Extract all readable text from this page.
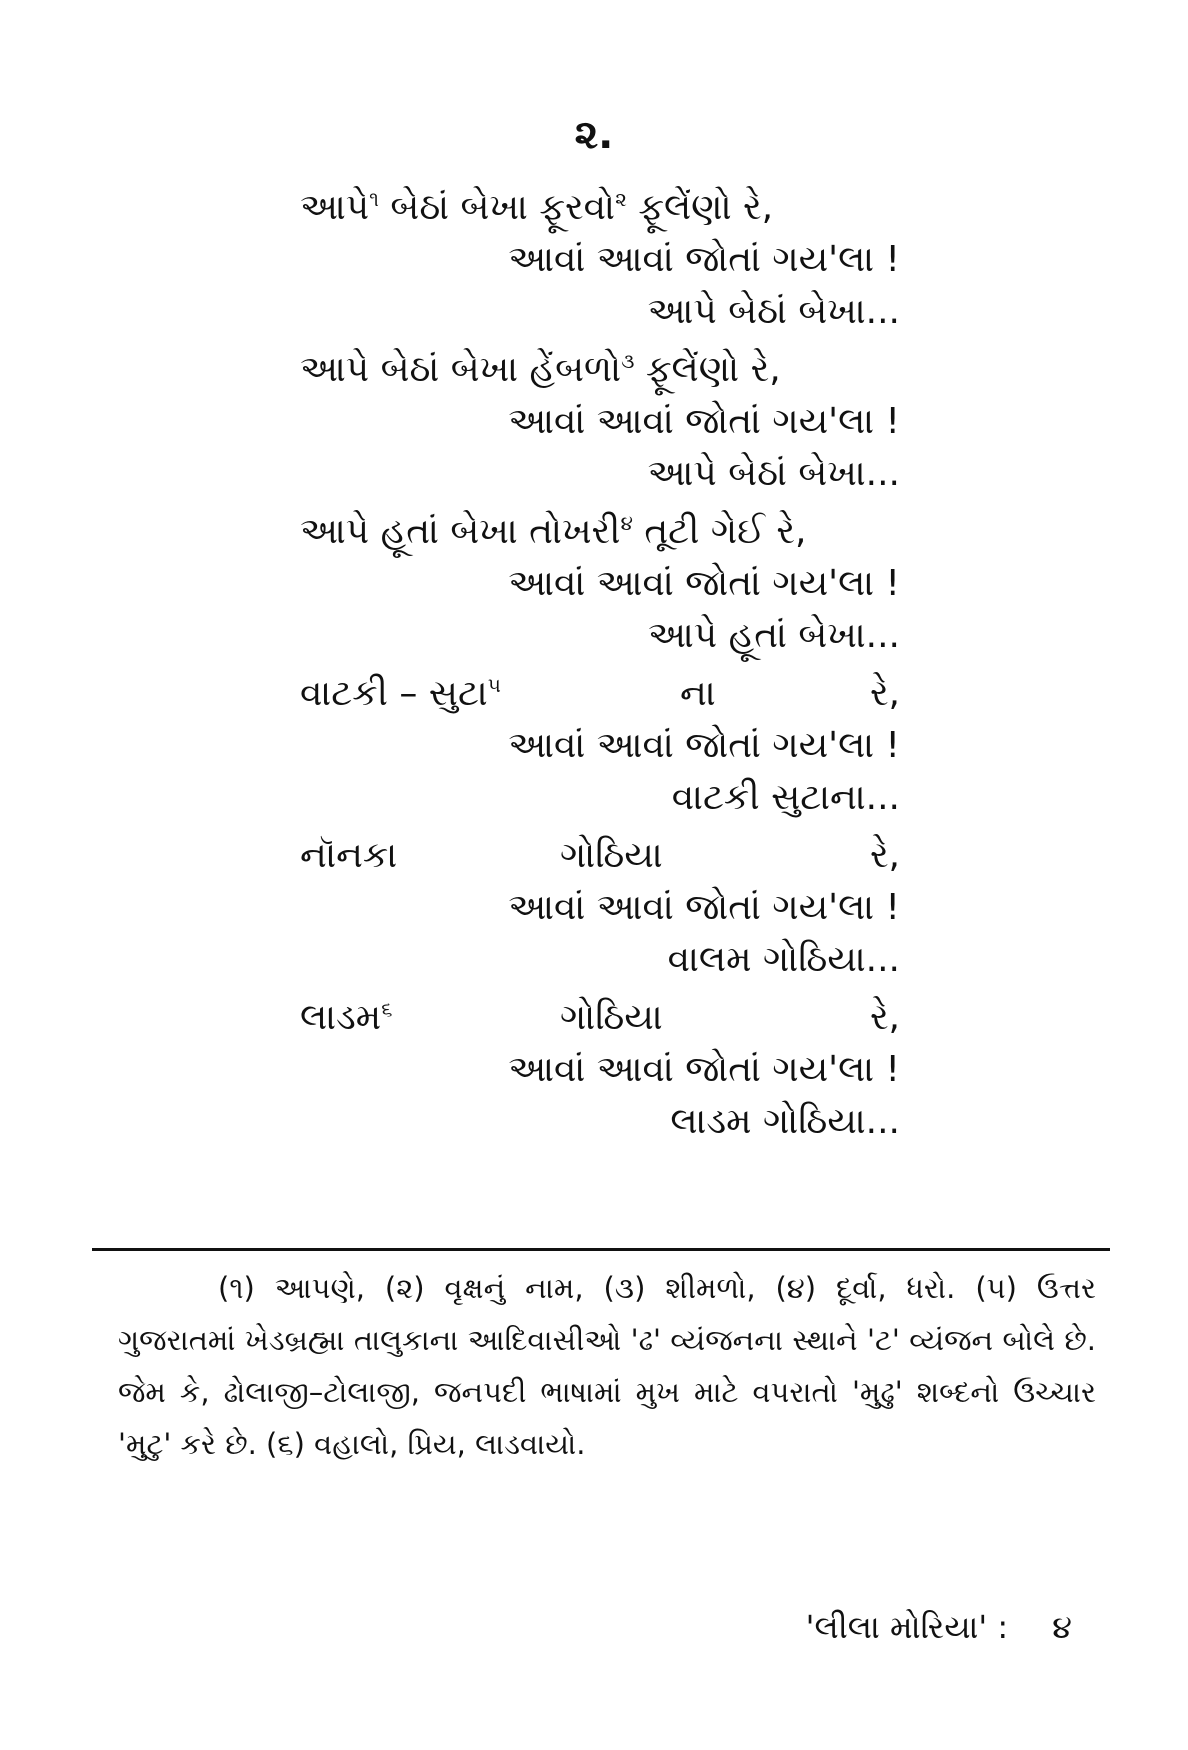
૨.
આપે$^૧$ બેઠાં બેખા ફૂરવો$^૨$ ફૂલેંણો રે,
આવાં આવાં જોતાં ગય'લા !
આપે બેઠાં બેખા...
આપે બેઠાં બેખા હેંબળો$^૩$ ફૂલેંણો રે,
આવાં આવાં જોતાં ગય'લા !
આપે બેઠાં બેખા...
આપે હૂતાં બેખા તોખરી$^૪$ તૂટી ગેઈ રે,
આવાં આવાં જોતાં ગય'લા !
આપે હૂતાં બેખા...
વાટકી – સુટા$^૫$	ના	રે,
આવાં આવાં જોતાં ગય'લા !
વાટકી સુટાના...
નૉનકા	ગોઠિયા	રે,
આવાં આવાં જોતાં ગય'લા !
વાલમ ગોઠિયા...
લાડમ$^૬$	ગોઠિયા	રે,
આવાં આવાં જોતાં ગય'લા !
લાડમ ગોઠિયા...
(૧) આપણે, (૨) વૃક્ષનું નામ, (૩) શીમળો, (૪) દૂર્વા, ધરો. (૫) ઉત્તર ગુજરાતમાં ખેડબ્રહ્મા તાલુકાના આદિવાસીઓ 'ઢ' વ્યંજનના સ્થાને 'ટ' વ્યંજન બોલે છે. જેમ કે, ઢોલાજી–ટોલાજી, જનપદી ભાષામાં મુખ માટે વપરાતો 'મુઢુ' શબ્દનો ઉચ્ચાર 'મુટુ' કરે છે. (૬) વહાલો, પ્રિય, લાડવાયો.
'લીલા મોરિયા' : ૪
